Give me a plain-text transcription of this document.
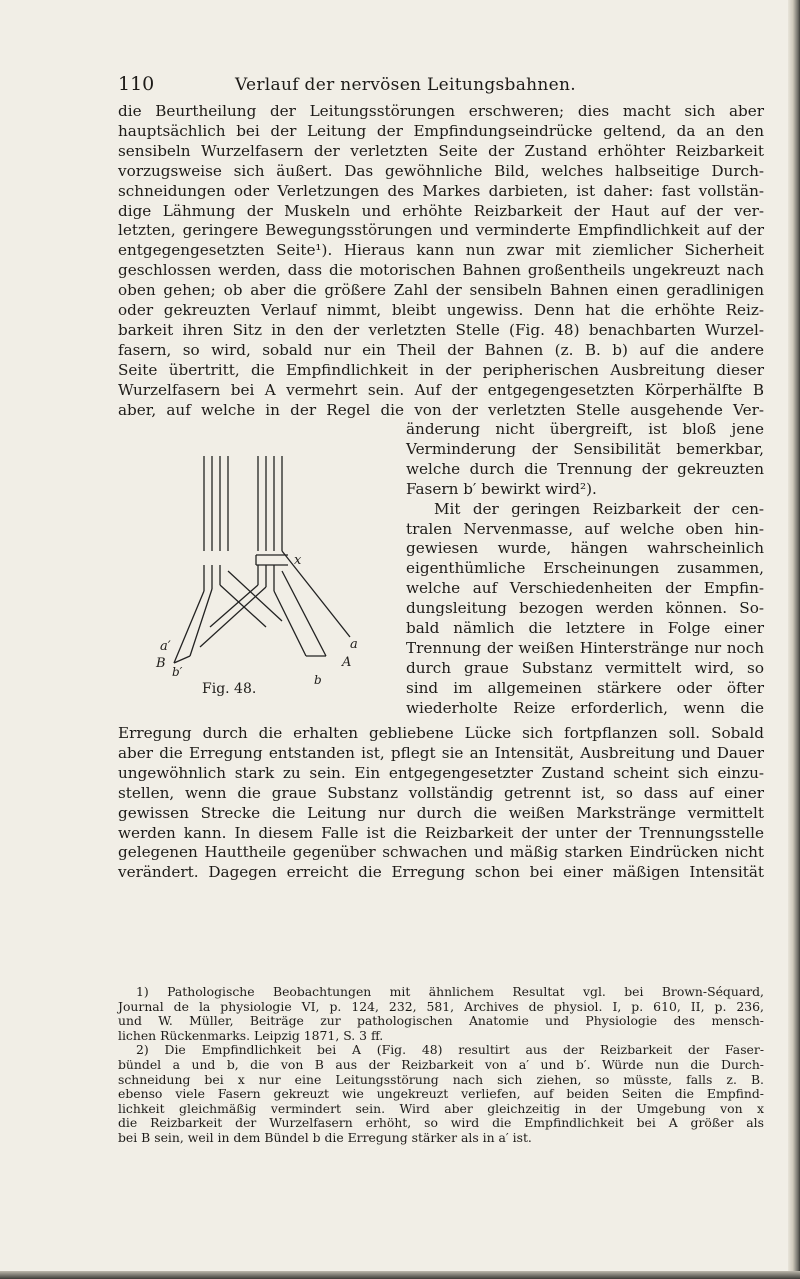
110	Verlauf der nervösen Leitungsbahnen.
die Beurtheilung der Leitungsstörungen erschweren; dies macht sich aber
hauptsächlich bei der Leitung der Empfindungseindrücke geltend, da an den
sensibeln Wurzelfasern der verletzten Seite der Zustand erhöhter Reizbarkeit
vorzugsweise sich äußert. Das gewöhnliche Bild, welches halbseitige Durch-
schneidungen oder Verletzungen des Markes darbieten, ist daher: fast vollstän-
dige Lähmung der Muskeln und erhöhte Reizbarkeit der Haut auf der ver-
letzten, geringere Bewegungsstörungen und verminderte Empfindlichkeit auf der
entgegengesetzten Seite¹). Hieraus kann nun zwar mit ziemlicher Sicherheit
geschlossen werden, dass die motorischen Bahnen großentheils ungekreuzt nach
oben gehen; ob aber die größere Zahl der sensibeln Bahnen einen geradlinigen
oder gekreuzten Verlauf nimmt, bleibt ungewiss. Denn hat die erhöhte Reiz-
barkeit ihren Sitz in den der verletzten Stelle (Fig. 48) benachbarten Wurzel-
fasern, so wird, sobald nur ein Theil der Bahnen (z. B. b) auf die andere
Seite übertritt, die Empfindlichkeit in der peripherischen Ausbreitung dieser
Wurzelfasern bei A vermehrt sein. Auf der entgegengesetzten Körperhälfte B
aber, auf welche in der Regel die von der verletzten Stelle ausgehende Ver-
änderung nicht übergreift, ist bloß jene
Verminderung der Sensibilität bemerkbar,
welche durch die Trennung der gekreuzten
Fasern b′ bewirkt wird²).
Mit der geringen Reizbarkeit der cen-
tralen Nervenmasse, auf welche oben hin-
gewiesen wurde, hängen wahrscheinlich
eigenthümliche Erscheinungen zusammen,
welche auf Verschiedenheiten der Empfin-
dungsleitung bezogen werden können. So-
bald nämlich die letztere in Folge einer
Trennung der weißen Hinterstränge nur noch
durch graue Substanz vermittelt wird, so
sind im allgemeinen stärkere oder öfter
wiederholte Reize erforderlich, wenn die
x
a
a′
A
B
b
b′
Fig. 48.
Erregung durch die erhalten gebliebene Lücke sich fortpflanzen soll. Sobald
aber die Erregung entstanden ist, pflegt sie an Intensität, Ausbreitung und Dauer
ungewöhnlich stark zu sein. Ein entgegengesetzter Zustand scheint sich einzu-
stellen, wenn die graue Substanz vollständig getrennt ist, so dass auf einer
gewissen Strecke die Leitung nur durch die weißen Markstränge vermittelt
werden kann. In diesem Falle ist die Reizbarkeit der unter der Trennungsstelle
gelegenen Hauttheile gegenüber schwachen und mäßig starken Eindrücken nicht
verändert. Dagegen erreicht die Erregung schon bei einer mäßigen Intensität
1) Pathologische Beobachtungen mit ähnlichem Resultat vgl. bei Brown-Séquard,
Journal de la physiologie VI, p. 124, 232, 581, Archives de physiol. I, p. 610, II, p. 236,
und W. Müller, Beiträge zur pathologischen Anatomie und Physiologie des mensch-
lichen Rückenmarks. Leipzig 1871, S. 3 ff.
2) Die Empfindlichkeit bei A (Fig. 48) resultirt aus der Reizbarkeit der Faser-
bündel a und b, die von B aus der Reizbarkeit von a′ und b′. Würde nun die Durch-
schneidung bei x nur eine Leitungsstörung nach sich ziehen, so müsste, falls z. B.
ebenso viele Fasern gekreuzt wie ungekreuzt verliefen, auf beiden Seiten die Empfind-
lichkeit gleichmäßig vermindert sein. Wird aber gleichzeitig in der Umgebung von x
die Reizbarkeit der Wurzelfasern erhöht, so wird die Empfindlichkeit bei A größer als
bei B sein, weil in dem Bündel b die Erregung stärker als in a′ ist.
